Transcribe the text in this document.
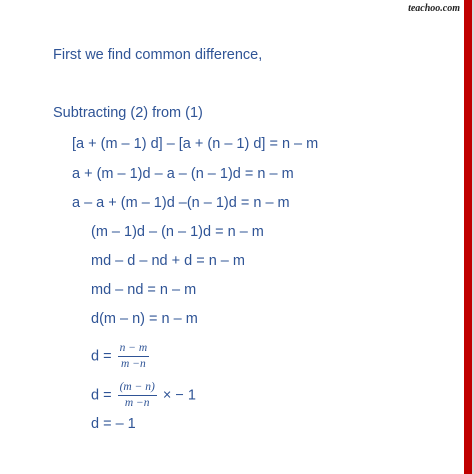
teachoo.com
First we find common difference,
Subtracting (2) from (1)
[a + (m – 1) d] – [a + (n – 1) d] = n – m
a + (m – 1)d – a – (n – 1)d = n – m
a – a + (m – 1)d –(n – 1)d = n – m
(m – 1)d – (n – 1)d = n – m
md – d – nd + d = n – m
md – nd = n – m
d(m – n) = n – m
$d = \frac{n - m}{m -n}$
$d = \frac{(m - n)}{m -n}$ × − 1
d = – 1
